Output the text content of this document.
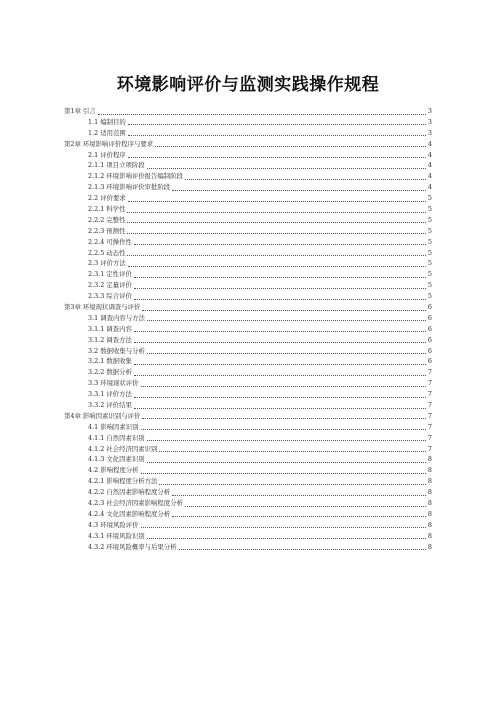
环境影响评价与监测实践操作规程
第1章 引言	3
1.1 编制目的	3
1.2 适用范围	3
第2章 环境影响评价程序与要求	4
2.1 评价程序	4
2.1.1 项目立项阶段	4
2.1.2 环境影响评价报告编制阶段	4
2.1.3 环境影响评价审批阶段	4
2.2 评价要求	5
2.2.1 科学性	5
2.2.2 完整性	5
2.2.3 预测性	5
2.2.4 可操作性	5
2.2.5 动态性	5
2.3 评价方法	5
2.3.1 定性评价	5
2.3.2 定量评价	5
2.3.3 综合评价	5
第3章 环境现状调查与评价	6
3.1 调查内容与方法	6
3.1.1 调查内容	6
3.1.2 调查方法	6
3.2 数据收集与分析	6
3.2.1 数据收集	6
3.2.2 数据分析	7
3.3 环境现状评价	7
3.3.1 评价方法	7
3.3.2 评价结果	7
第4章 影响因素识别与评价	7
4.1 影响因素识别	7
4.1.1 自然因素识别	7
4.1.2 社会经济因素识别	7
4.1.3 文化因素识别	8
4.2 影响程度分析	8
4.2.1 影响程度分析方法	8
4.2.2 自然因素影响程度分析	8
4.2.3 社会经济因素影响程度分析	8
4.2.4 文化因素影响程度分析	8
4.3 环境风险评价	8
4.3.1 环境风险识别	8
4.3.2 环境风险概率与后果分析	8
